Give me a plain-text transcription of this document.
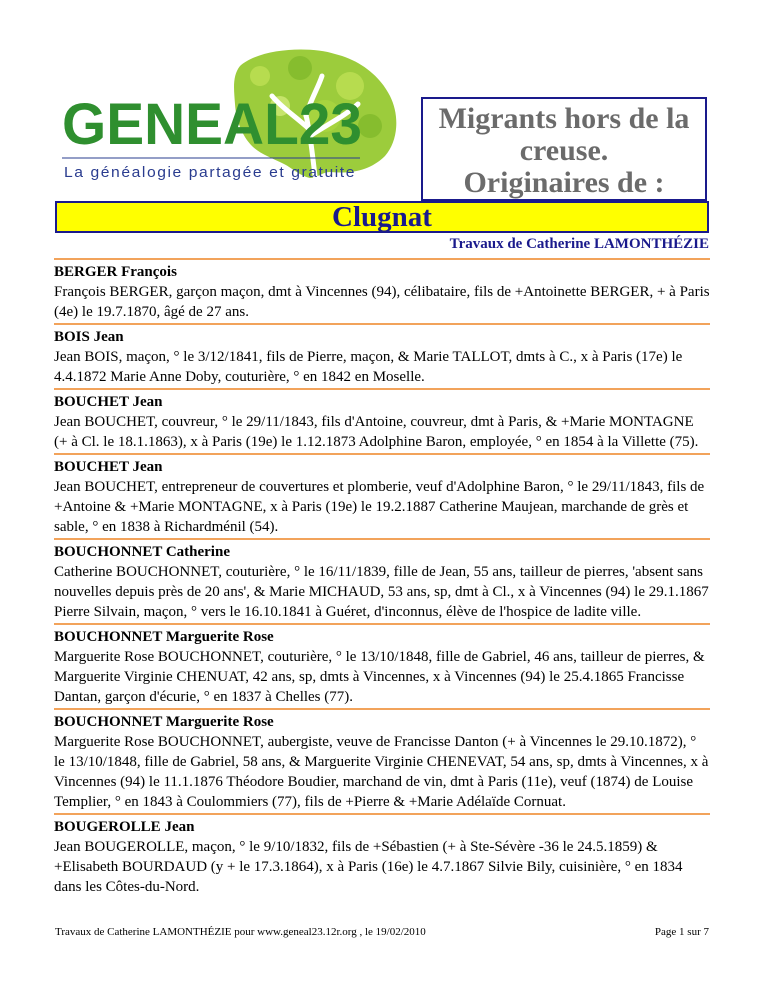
GENEAL23
La généalogie partagée et gratuite
Migrants hors de la
creuse.
Originaires de :
Clugnat
Travaux de Catherine LAMONTHÉZIE
BERGER François
François BERGER, garçon maçon, dmt à Vincennes (94), célibataire, fils de +Antoinette BERGER, + à Paris (4e) le 19.7.1870, âgé de 27 ans.
BOIS Jean
Jean BOIS, maçon, ° le 3/12/1841, fils de Pierre, maçon, & Marie TALLOT, dmts à C., x à Paris (17e) le 4.4.1872 Marie Anne Doby, couturière, ° en 1842 en Moselle.
BOUCHET Jean
Jean BOUCHET, couvreur, ° le 29/11/1843, fils d'Antoine, couvreur, dmt à Paris, & +Marie MONTAGNE (+ à Cl. le 18.1.1863), x à Paris (19e) le 1.12.1873 Adolphine Baron, employée, ° en 1854 à la Villette (75).
BOUCHET Jean
Jean BOUCHET, entrepreneur de couvertures et plomberie, veuf d'Adolphine Baron, ° le 29/11/1843, fils de +Antoine & +Marie MONTAGNE, x à Paris (19e) le 19.2.1887 Catherine Maujean, marchande de grès et sable, ° en 1838 à Richardménil (54).
BOUCHONNET Catherine
Catherine BOUCHONNET, couturière, ° le 16/11/1839, fille de Jean, 55 ans, tailleur de pierres, 'absent sans nouvelles depuis près de 20 ans', & Marie MICHAUD, 53 ans, sp, dmt à Cl., x à Vincennes (94) le 29.1.1867 Pierre Silvain, maçon, ° vers le 16.10.1841 à Guéret, d'inconnus, élève de l'hospice de ladite ville.
BOUCHONNET Marguerite Rose
Marguerite Rose BOUCHONNET, couturière, ° le 13/10/1848, fille de Gabriel, 46 ans, tailleur de pierres, & Marguerite Virginie CHENUAT, 42 ans, sp, dmts à Vincennes, x à Vincennes (94) le 25.4.1865 Francisse Dantan, garçon d'écurie, ° en 1837 à Chelles (77).
BOUCHONNET Marguerite Rose
Marguerite Rose BOUCHONNET, aubergiste, veuve de Francisse Danton (+ à Vincennes le 29.10.1872), ° le 13/10/1848, fille de Gabriel, 58 ans, & Marguerite Virginie CHENEVAT, 54 ans, sp, dmts à Vincennes, x à Vincennes (94) le 11.1.1876 Théodore Boudier, marchand de vin, dmt à Paris (11e), veuf (1874) de Louise Templier, ° en 1843 à Coulommiers (77), fils de +Pierre & +Marie Adélaïde Cornuat.
BOUGEROLLE Jean
Jean BOUGEROLLE, maçon, ° le 9/10/1832, fils de +Sébastien (+ à Ste-Sévère -36 le 24.5.1859) & +Elisabeth BOURDAUD (y + le 17.3.1864), x à Paris (16e) le 4.7.1867 Silvie Bily, cuisinière, ° en 1834 dans les Côtes-du-Nord.
Travaux de Catherine LAMONTHÉZIE pour www.geneal23.12r.org , le 19/02/2010	Page 1 sur 7
